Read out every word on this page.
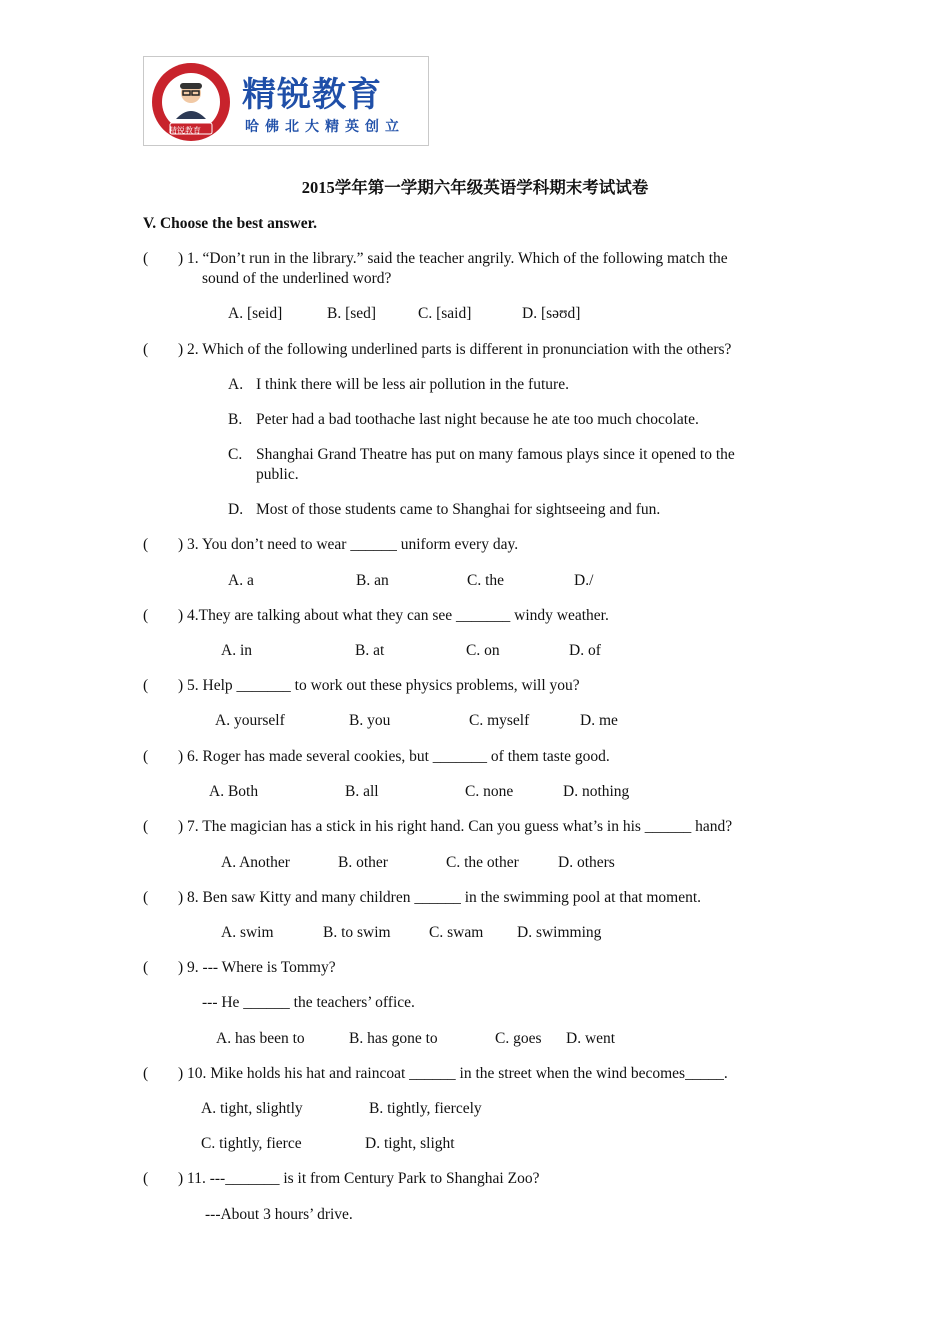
精锐教育
精锐教育
哈佛北大精英创立
2015学年第一学期六年级英语学科期末考试试卷
V. Choose the best answer.
( ) 1. “Don’t run in the library.” said the teacher angrily. Which of the following match the
sound of the underlined word?
A. [seid]	B. [sed]	C. [said]	D. [səʊd]
( ) 2. Which of the following underlined parts is different in pronunciation with the others?
A. I think there will be less air pollution in the future.
B. Peter had a bad toothache last night because he ate too much chocolate.
C. Shanghai Grand Theatre has put on many famous plays since it opened to the
public.
D. Most of those students came to Shanghai for sightseeing and fun.
( ) 3. You don’t need to wear ______ uniform every day.
A. a	B. an	C. the	D./
( ) 4.They are talking about what they can see _______ windy weather.
A. in	B. at	C. on	D. of
( ) 5. Help _______ to work out these physics problems, will you?
A. yourself	B. you	C. myself	D. me
( ) 6. Roger has made several cookies, but _______ of them taste good.
A. Both	B. all	C. none	D. nothing
( ) 7. The magician has a stick in his right hand. Can you guess what’s in his ______ hand?
A. Another	B. other	C. the other	D. others
( ) 8. Ben saw Kitty and many children ______ in the swimming pool at that moment.
A. swim	B. to swim C. swam D. swimming
( ) 9. --- Where is Tommy?
--- He ______ the teachers’ office.
A. has been to	B. has gone to	C. goes D. went
( ) 10. Mike holds his hat and raincoat ______ in the street when the wind becomes_____.
A. tight, slightly	B. tightly, fiercely
C. tightly, fierce	D. tight, slight
( ) 11. ---_______ is it from Century Park to Shanghai Zoo?
---About 3 hours’ drive.
